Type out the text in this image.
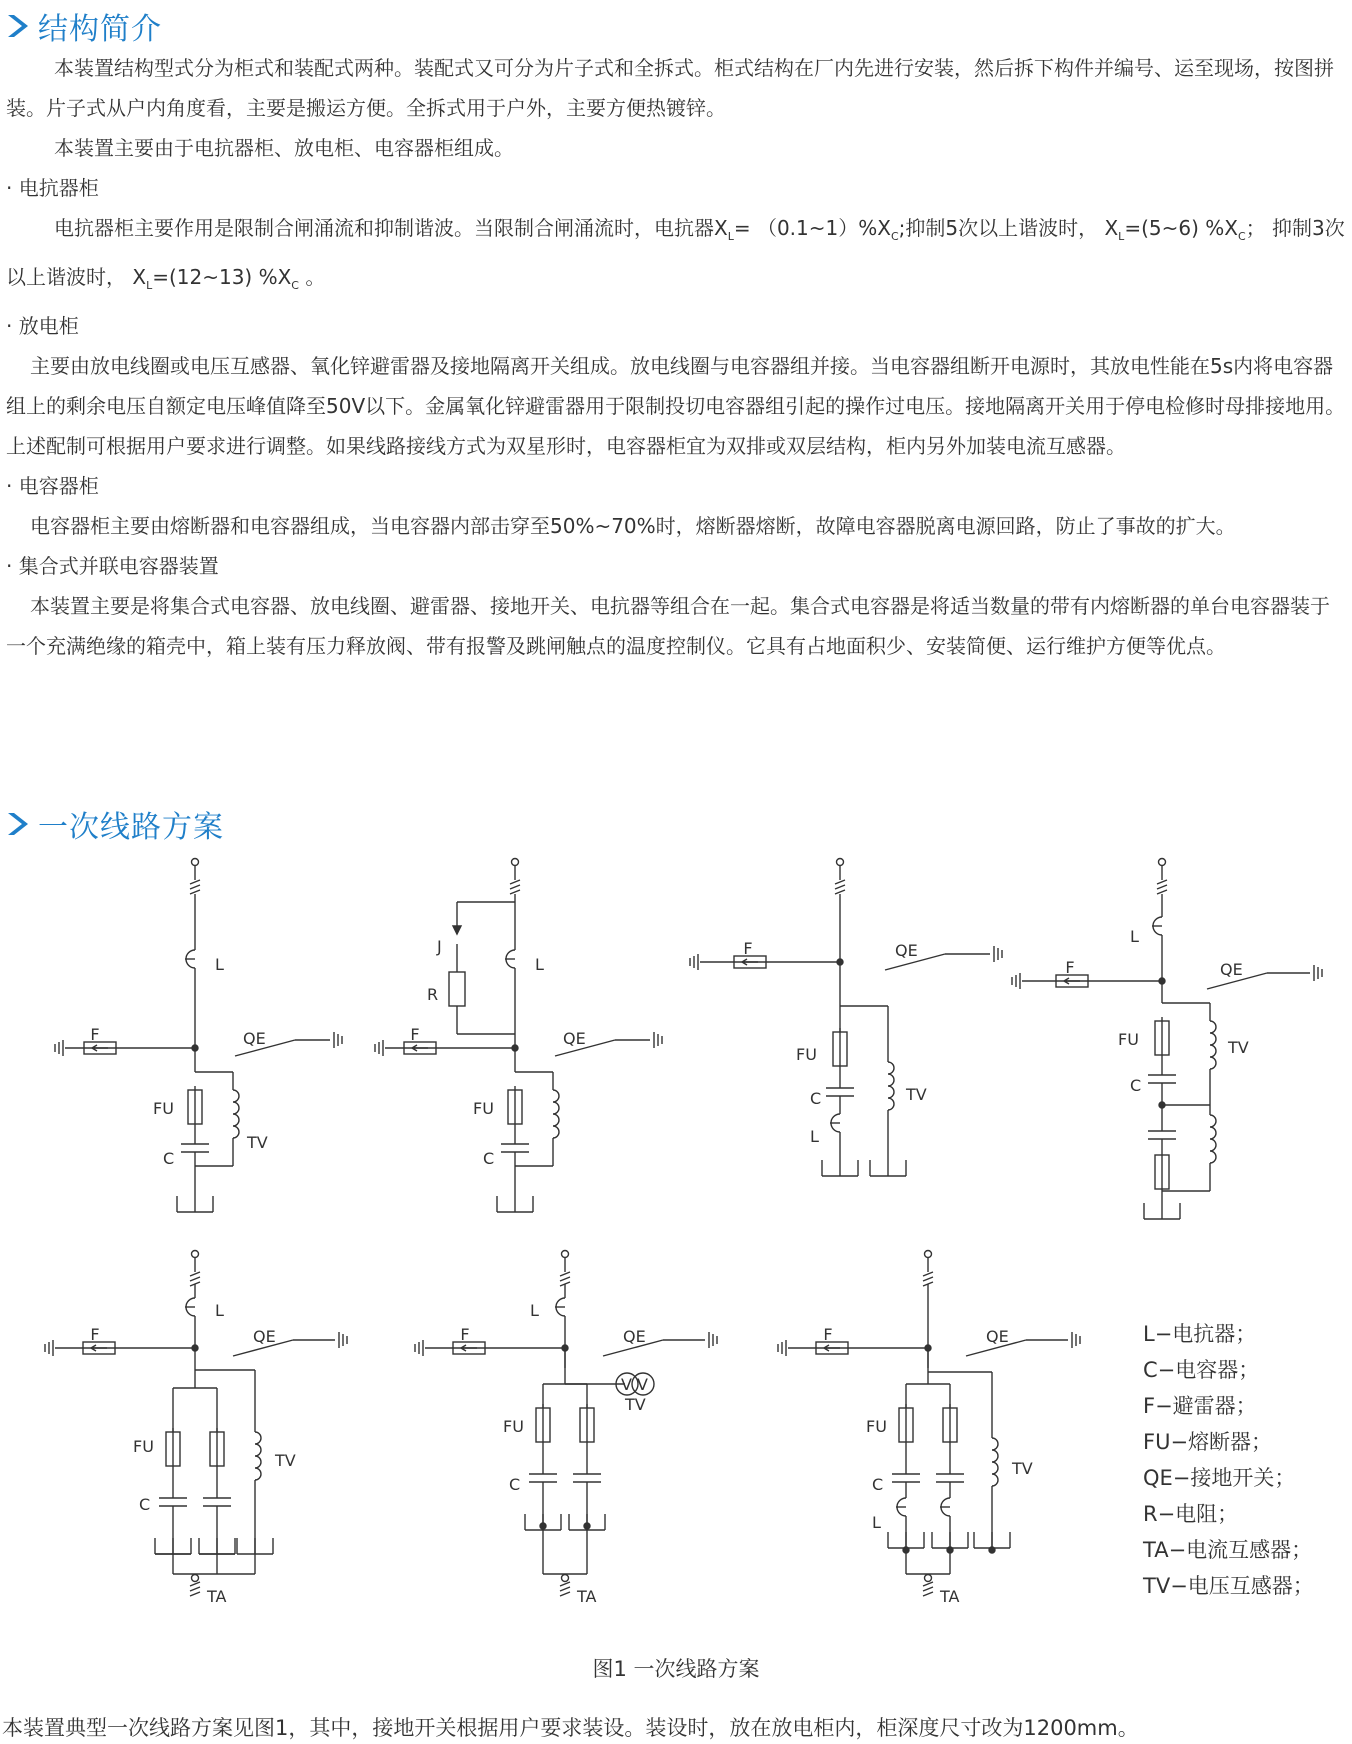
结构简介

本装置结构型式分为柜式和装配式两种。装配式又可分为片子式和全拆式。柜式结构在厂内先进行安装，然后拆下构件并编号、运至现场，按图拼装。片子式从户内角度看，主要是搬运方便。全拆式用于户外，主要方便热镀锌。

本装置主要由于电抗器柜、放电柜、电容器柜组成。

· 电抗器柜

电抗器柜主要作用是限制合闸涌流和抑制谐波。当限制合闸涌流时，电抗器$X_L=$ $(0.1\sim 1)\%X_C$;抑制5次以上谐波时， $X_L=(5\sim 6)$ $\%X_C$； 抑制3次以上谐波时， $X_L=(12\sim 13)$ $\%X_C$ 。

· 放电柜

主要由放电线圈或电压互感器、氧化锌避雷器及接地隔离开关组成。放电线圈与电容器组并接。当电容器组断开电源时，其放电性能在5s内将电容器组上的剩余电压自额定电压峰值降至50V以下。金属氧化锌避雷器用于限制投切电容器组引起的操作过电压。接地隔离开关用于停电检修时母排接地用。上述配制可根据用户要求进行调整。如果线路接线方式为双星形时，电容器柜宜为双排或双层结构，柜内另外加装电流互感器。

· 电容器柜

电容器柜主要由熔断器和电容器组成，当电容器内部击穿至50%~70%时，熔断器熔断，故障电容器脱离电源回路，防止了事故的扩大。

· 集合式并联电容器装置

本装置主要是将集合式电容器、放电线圈、避雷器、接地开关、电抗器等组合在一起。集合式电容器是将适当数量的带有内熔断器的单台电容器装于一个充满绝缘的箱壳中，箱上装有压力释放阀、带有报警及跳闸触点的温度控制仪。它具有占地面积少、安装简便、运行维护方便等优点。

一次线路方案
L
F	QE
FU
C
TV
L
J
R
F	QE
FU
C
F	QE
FU
C
L
TV
L
F	QE
FU
C
TV
F	QE
L
FU
C
TV
TA
F	QE
L
V V
TV
FU
C
TA
F	QE
FU
C
L
TV
TA
L−电抗器；
C−电容器；
F−避雷器；
FU−熔断器；
QE−接地开关；
R−电阻；
TA−电流互感器；
TV−电压互感器；
图1 一次线路方案
本装置典型一次线路方案见图1，其中，接地开关根据用户要求装设。装设时，放在放电柜内，柜深度尺寸改为1200mm。
